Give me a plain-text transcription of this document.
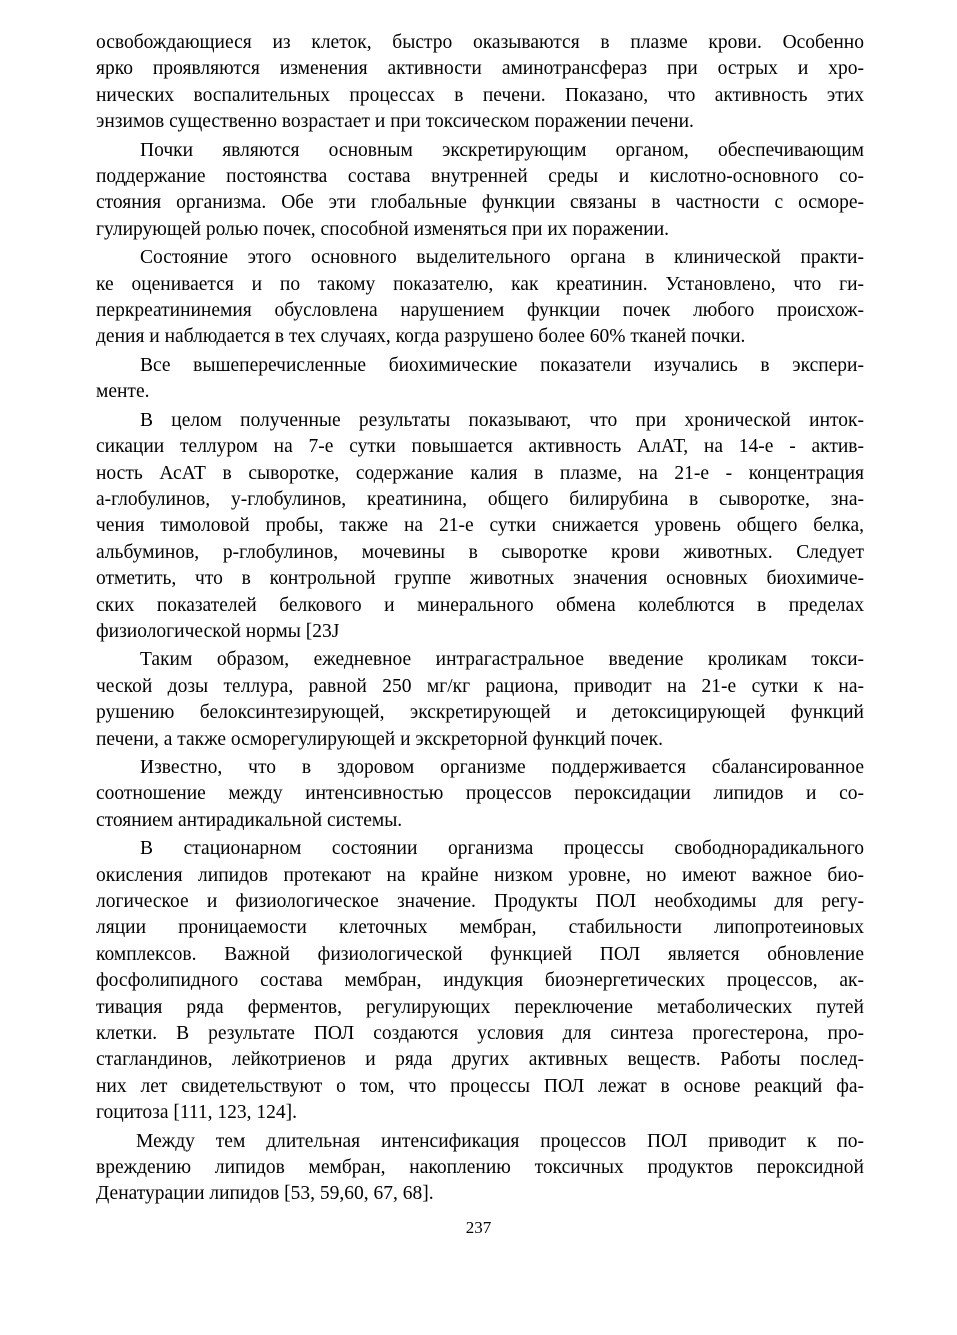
освобождающиеся из клеток, быстро оказываются в плазме крови. Особенно
ярко проявляются изменения активности аминотрансфераз при острых и хро-
нических воспалительных процессах в печени. Показано, что активность этих
энзимов существенно возрастает и при токсическом поражении печени.

Почки являются основным экскретирующим органом, обеспечивающим
поддержание постоянства состава внутренней среды и кислотно-основного со-
стояния организма. Обе эти глобальные функции связаны в частности с осморе-
гулирующей ролью почек, способной изменяться при их поражении.

Состояние этого основного выделительного органа в клинической практи-
ке оценивается и по такому показателю, как креатинин. Установлено, что ги-
перкреатининемия обусловлена нарушением функции почек любого происхож-
дения и наблюдается в тех случаях, когда разрушено более 60% тканей почки.

Все вышеперечисленные биохимические показатели изучались в экспери-
менте.

В целом полученные результаты показывают, что при хронической инток-
сикации теллуром на 7-е сутки повышается активность АлАТ, на 14-е - актив-
ность АсАТ в сыворотке, содержание калия в плазме, на 21-е - концентрация
а-глобулинов, у-глобулинов, креатинина, общего билирубина в сыворотке, зна-
чения тимоловой пробы, также на 21-е сутки снижается уровень общего белка,
альбуминов, р-глобулинов, мочевины в сыворотке крови животных. Следует
отметить, что в контрольной группе животных значения основных биохимиче-
ских показателей белкового и минерального обмена колеблются в пределах
физиологической нормы [23J

Таким образом, ежедневное интрагастральное введение кроликам токси-
ческой дозы теллура, равной 250 мг/кг рациона, приводит на 21-е сутки к на-
рушению белоксинтезирующей, экскретирующей и детоксицирующей функций
печени, а также осморегулирующей и экскреторной функций почек.

Известно, что в здоровом организме поддерживается сбалансированное
соотношение между интенсивностью процессов пероксидации липидов и со-
стоянием антирадикальной системы.

В стационарном состоянии организма процессы свободнорадикального
окисления липидов протекают на крайне низком уровне, но имеют важное био-
логическое и физиологическое значение. Продукты ПОЛ необходимы для регу-
ляции проницаемости клеточных мембран, стабильности липопротеиновых
комплексов. Важной физиологической функцией ПОЛ является обновление
фосфолипидного состава мембран, индукция биоэнергетических процессов, ак-
тивация ряда ферментов, регулирующих переключение метаболических путей
клетки. В результате ПОЛ создаются условия для синтеза прогестерона, про-
стагландинов, лейкотриенов и ряда других активных веществ. Работы послед-
них лет свидетельствуют о том, что процессы ПОЛ лежат в основе реакций фа-
гоцитоза [111, 123, 124].

Между тем длительная интенсификация процессов ПОЛ приводит к по-
вреждению липидов мембран, накоплению токсичных продуктов пероксидной
Денатурации липидов [53, 59,60, 67, 68].

237
